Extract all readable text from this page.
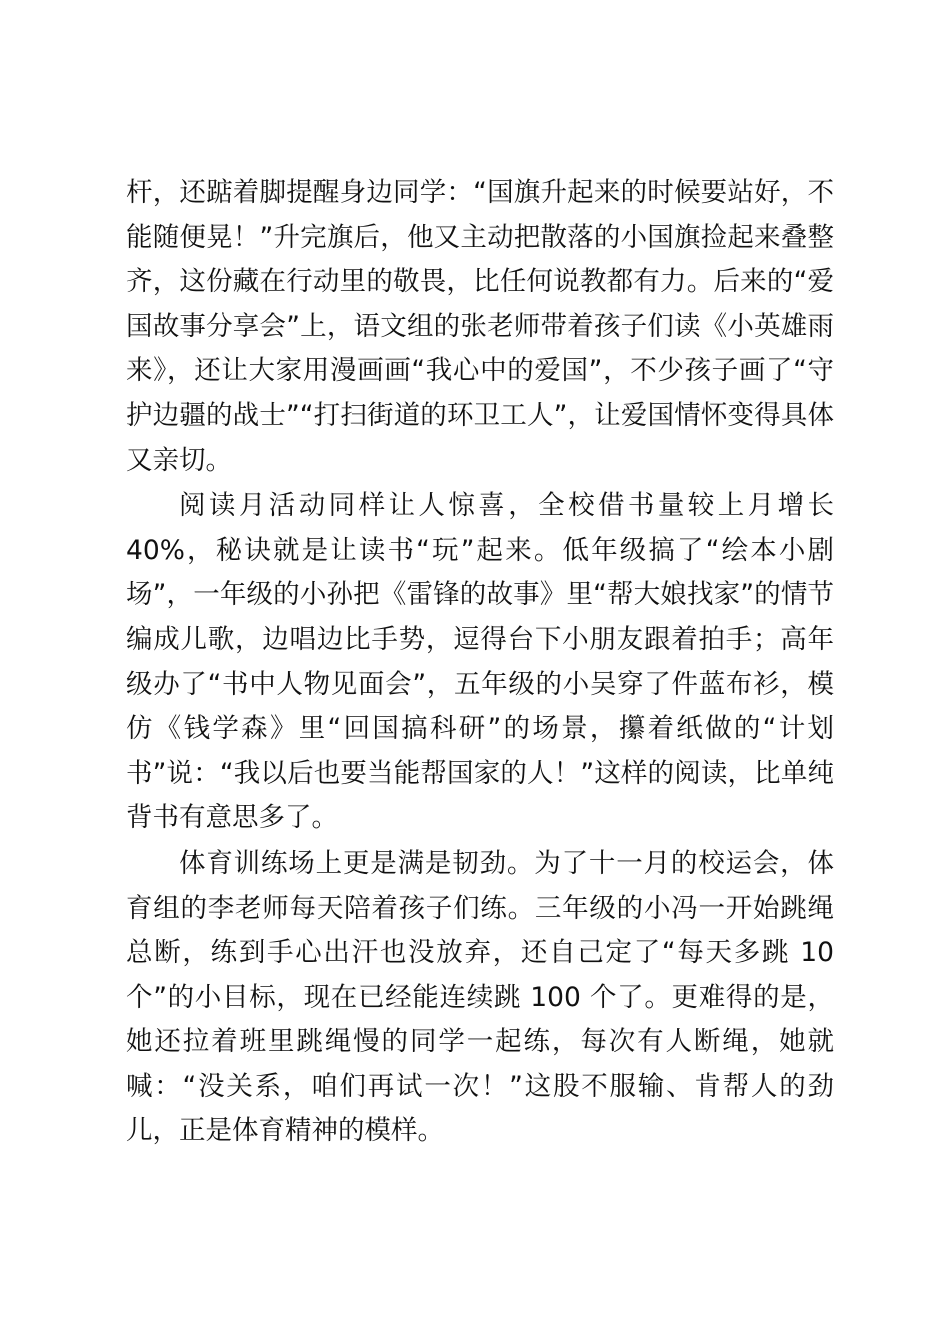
杆，还踮着脚提醒身边同学：“国旗升起来的时候要站好，不能随便晃！”升完旗后，他又主动把散落的小国旗捡起来叠整齐，这份藏在行动里的敬畏，比任何说教都有力。后来的“爱国故事分享会”上，语文组的张老师带着孩子们读《小英雄雨来》，还让大家用漫画画“我心中的爱国”，不少孩子画了“守护边疆的战士”“打扫街道的环卫工人”，让爱国情怀变得具体又亲切。

阅读月活动同样让人惊喜，全校借书量较上月增长 40%，秘诀就是让读书“玩”起来。低年级搞了“绘本小剧场”，一年级的小孙把《雷锋的故事》里“帮大娘找家”的情节编成儿歌，边唱边比手势，逗得台下小朋友跟着拍手；高年级办了“书中人物见面会”，五年级的小吴穿了件蓝布衫，模仿《钱学森》里“回国搞科研”的场景，攥着纸做的“计划书”说：“我以后也要当能帮国家的人！”这样的阅读，比单纯背书有意思多了。

体育训练场上更是满是韧劲。为了十一月的校运会，体育组的李老师每天陪着孩子们练。三年级的小冯一开始跳绳总断，练到手心出汗也没放弃，还自己定了“每天多跳 10 个”的小目标，现在已经能连续跳 100 个了。更难得的是，她还拉着班里跳绳慢的同学一起练，每次有人断绳，她就喊：“没关系，咱们再试一次！”这股不服输、肯帮人的劲儿，正是体育精神的模样。
